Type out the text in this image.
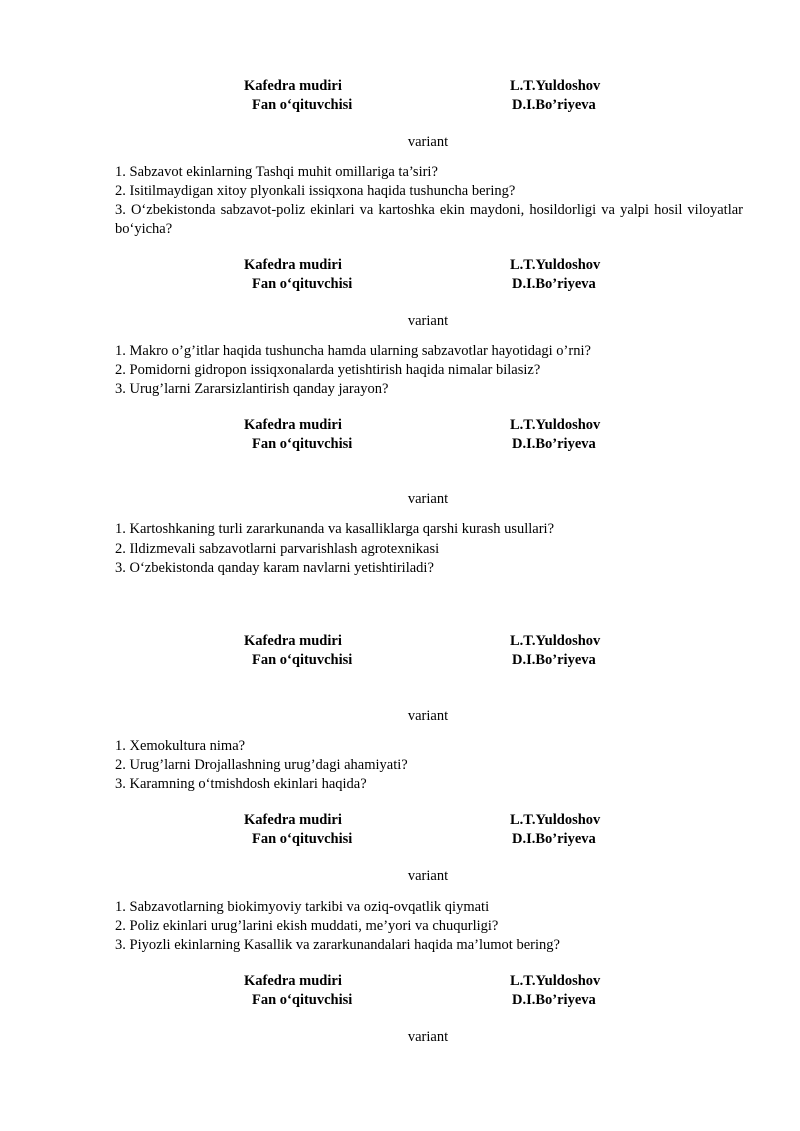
Kafedra mudiri	L.T.Yuldoshov
Fan o‘qituvchisi	D.I.Bo’riyeva
variant
1. Sabzavot ekinlarning Tashqi muhit omillariga ta’siri?
2. Isitilmaydigan xitoy plyonkali issiqxona haqida tushuncha bering?
3. O‘zbekistonda sabzavot-poliz ekinlari va kartoshka ekin maydoni, hosildorligi va yalpi hosil viloyatlar bo‘yicha?
Kafedra mudiri	L.T.Yuldoshov
Fan o‘qituvchisi	D.I.Bo’riyeva
variant
1. Makro o’g’itlar haqida tushuncha hamda ularning sabzavotlar hayotidagi o’rni?
2. Pomidorni gidropon issiqxonalarda yetishtirish haqida nimalar bilasiz?
3. Urug’larni Zararsizlantirish qanday jarayon?
Kafedra mudiri	L.T.Yuldoshov
Fan o‘qituvchisi	D.I.Bo’riyeva
variant
1. Kartoshkaning turli zararkunanda va kasalliklarga qarshi kurash usullari?
2. Ildizmevali sabzavotlarni parvarishlash agrotexnikasi
3. O‘zbekistonda qanday karam navlarni yetishtiriladi?
Kafedra mudiri	L.T.Yuldoshov
Fan o‘qituvchisi	D.I.Bo’riyeva
variant
1. Xemokultura nima?
2. Urug’larni Drojallashning urug’dagi ahamiyati?
3. Karamning o‘tmishdosh ekinlari haqida?
Kafedra mudiri	L.T.Yuldoshov
Fan o‘qituvchisi	D.I.Bo’riyeva
variant
1. Sabzavotlarning biokimyoviy tarkibi va oziq-ovqatlik qiymati
2. Poliz ekinlari urug’larini ekish muddati, me’yori va chuqurligi?
3. Piyozli ekinlarning Kasallik va zararkunandalari haqida ma’lumot bering?
Kafedra mudiri	L.T.Yuldoshov
Fan o‘qituvchisi	D.I.Bo’riyeva
variant
